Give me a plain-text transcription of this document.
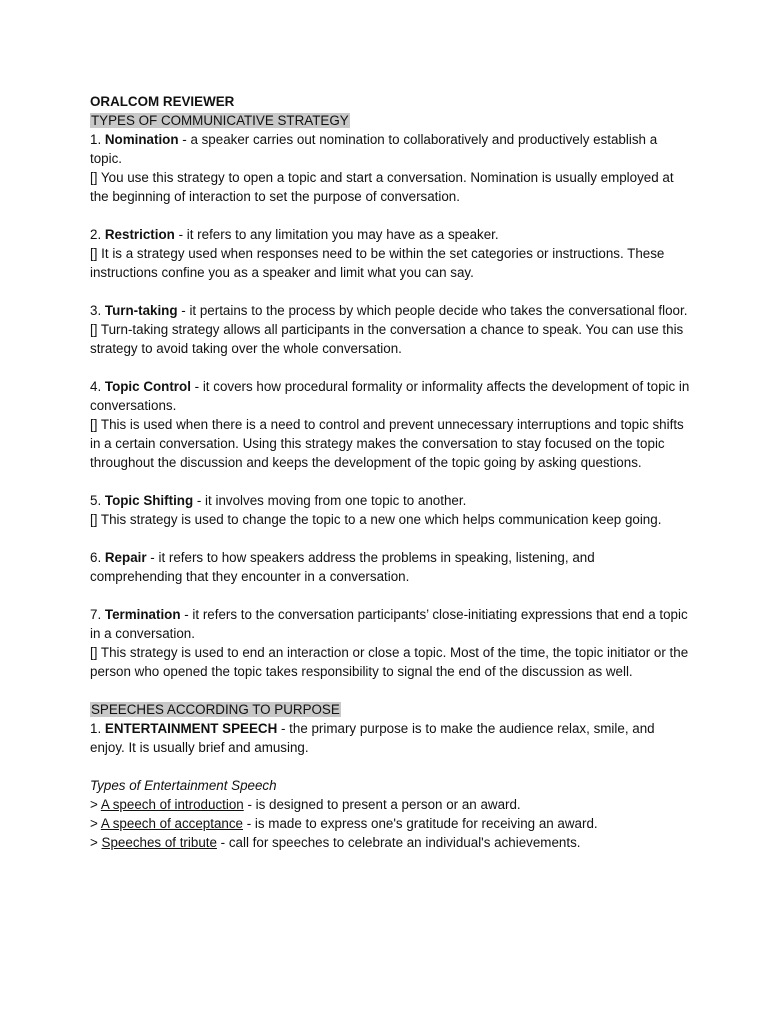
ORALCOM REVIEWER

TYPES OF COMMUNICATIVE STRATEGY

1. Nomination - a speaker carries out nomination to collaboratively and productively establish a topic.

[] You use this strategy to open a topic and start a conversation. Nomination is usually employed at the beginning of interaction to set the purpose of conversation.

2. Restriction - it refers to any limitation you may have as a speaker.

[] It is a strategy used when responses need to be within the set categories or instructions. These instructions confine you as a speaker and limit what you can say.

3. Turn-taking - it pertains to the process by which people decide who takes the conversational floor.

[] Turn-taking strategy allows all participants in the conversation a chance to speak. You can use this strategy to avoid taking over the whole conversation.

4. Topic Control - it covers how procedural formality or informality affects the development of topic in conversations.

[] This is used when there is a need to control and prevent unnecessary interruptions and topic shifts in a certain conversation. Using this strategy makes the conversation to stay focused on the topic throughout the discussion and keeps the development of the topic going by asking questions.

5. Topic Shifting - it involves moving from one topic to another.

[] This strategy is used to change the topic to a new one which helps communication keep going.

6. Repair - it refers to how speakers address the problems in speaking, listening, and comprehending that they encounter in a conversation.

7. Termination - it refers to the conversation participants’ close-initiating expressions that end a topic in a conversation.

[] This strategy is used to end an interaction or close a topic. Most of the time, the topic initiator or the person who opened the topic takes responsibility to signal the end of the discussion as well.

SPEECHES ACCORDING TO PURPOSE

1. ENTERTAINMENT SPEECH - the primary purpose is to make the audience relax, smile, and enjoy. It is usually brief and amusing.

Types of Entertainment Speech

> A speech of introduction - is designed to present a person or an award.

> A speech of acceptance - is made to express one's gratitude for receiving an award.

> Speeches of tribute - call for speeches to celebrate an individual's achievements.
